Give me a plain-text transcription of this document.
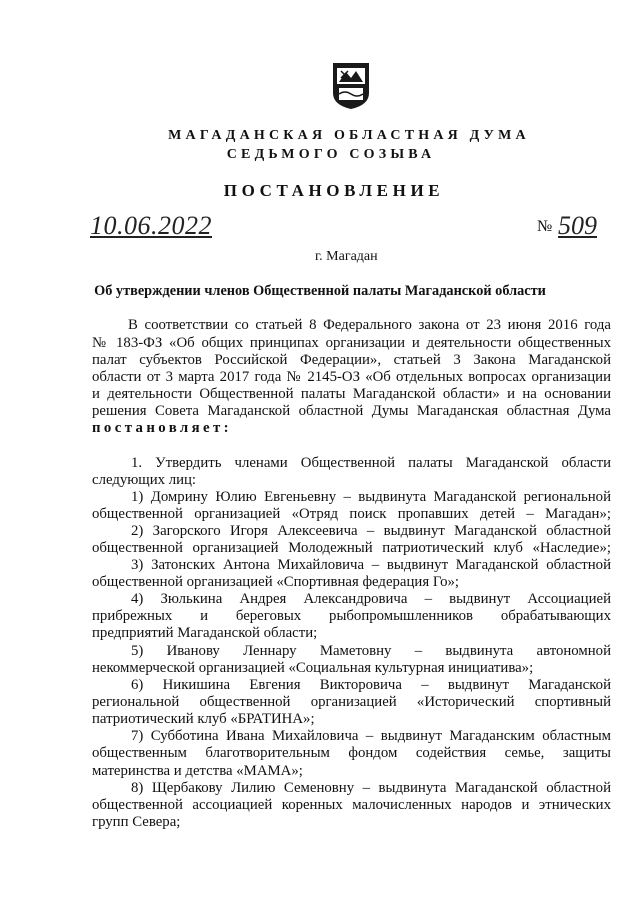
МАГАДАНСКАЯ ОБЛАСТНАЯ ДУМА
СЕДЬМОГО СОЗЫВА
ПОСТАНОВЛЕНИЕ
10.06.2022	№ 509
г. Магадан
Об утверждении членов Общественной палаты Магаданской области
В соответствии со статьей 8 Федерального закона от 23 июня 2016 года
№ 183-ФЗ «Об общих принципах организации и деятельности общественных
палат субъектов Российской Федерации», статьей 3 Закона Магаданской
области от 3 марта 2017 года № 2145-ОЗ «Об отдельных вопросах организации
и деятельности Общественной палаты Магаданской области» и на основании
решения Совета Магаданской областной Думы Магаданская областная Дума
постановляет:
1. Утвердить членами Общественной палаты Магаданской области
следующих лиц:
1) Домрину Юлию Евгеньевну – выдвинута Магаданской региональной
общественной организацией «Отряд поиск пропавших детей – Магадан»;
2) Загорского Игоря Алексеевича – выдвинут Магаданской областной
общественной организацией Молодежный патриотический клуб «Наследие»;
3) Затонских Антона Михайловича – выдвинут Магаданской областной
общественной организацией «Спортивная федерация Го»;
4) Зюлькина Андрея Александровича – выдвинут Ассоциацией
прибрежных и береговых рыбопромышленников обрабатывающих
предприятий Магаданской области;
5) Иванову Леннару Маметовну – выдвинута автономной
некоммерческой организацией «Социальная культурная инициатива»;
6) Никишина Евгения Викторовича – выдвинут Магаданской
региональной общественной организацией «Исторический спортивный
патриотический клуб «БРАТИНА»;
7) Субботина Ивана Михайловича – выдвинут Магаданским областным
общественным благотворительным фондом содействия семье, защиты
материнства и детства «МАМА»;
8) Щербакову Лилию Семеновну – выдвинута Магаданской областной
общественной ассоциацией коренных малочисленных народов и этнических
групп Севера;
